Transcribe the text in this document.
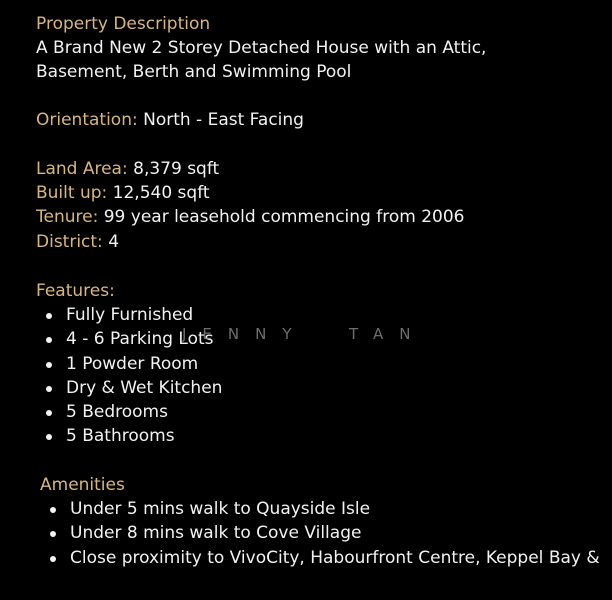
Property Description
A Brand New 2 Storey Detached House with an Attic,
Basement, Berth and Swimming Pool
Orientation: North - East Facing
Land Area: 8,379 sqft
Built up: 12,540 sqft
Tenure: 99 year leasehold commencing from 2006
District: 4
Features:
Fully Furnished
4 - 6 Parking Lots
1 Powder Room
Dry & Wet Kitchen
5 Bedrooms
5 Bathrooms
Amenities
Under 5 mins walk to Quayside Isle
Under 8 mins walk to Cove Village
Close proximity to VivoCity, Habourfront Centre, Keppel Bay &
JENNY  TAN
